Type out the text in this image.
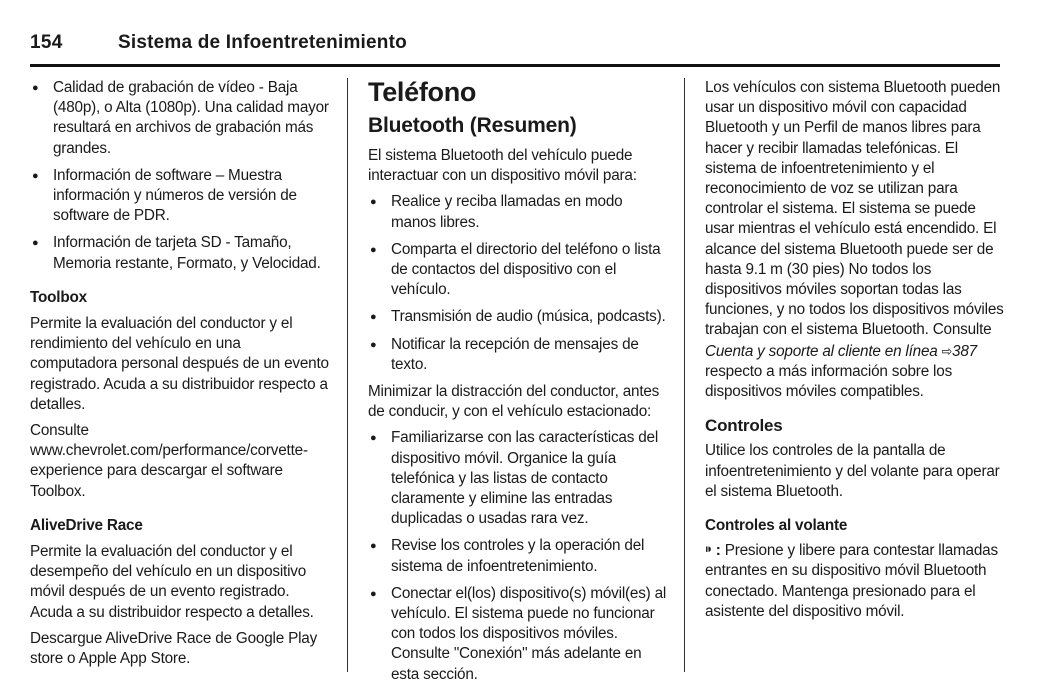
154	Sistema de Infoentretenimiento
● Calidad de grabación de vídeo - Baja (480p), o Alta (1080p). Una calidad mayor resultará en archivos de grabación más grandes.
● Información de software – Muestra información y números de versión de software de PDR.
● Información de tarjeta SD - Tamaño, Memoria restante, Formato, y Velocidad.
Toolbox

Permite la evaluación del conductor y el rendimiento del vehículo en una computadora personal después de un evento registrado. Acuda a su distribuidor respecto a detalles.

Consulte www.chevrolet.com/performance/corvette-experience para descargar el software Toolbox.

AliveDrive Race

Permite la evaluación del conductor y el desempeño del vehículo en un dispositivo móvil después de un evento registrado. Acuda a su distribuidor respecto a detalles.

Descargue AliveDrive Race de Google Play store o Apple App Store.

Teléfono
Bluetooth (Resumen)

El sistema Bluetooth del vehículo puede interactuar con un dispositivo móvil para:

● Realice y reciba llamadas en modo manos libres.
● Comparta el directorio del teléfono o lista de contactos del dispositivo con el vehículo.
● Transmisión de audio (música, podcasts).
● Notificar la recepción de mensajes de texto.

Minimizar la distracción del conductor, antes de conducir, y con el vehículo estacionado:

● Familiarizarse con las características del dispositivo móvil. Organice la guía telefónica y las listas de contacto claramente y elimine las entradas duplicadas o usadas rara vez.
● Revise los controles y la operación del sistema de infoentretenimiento.
● Conectar el(los) dispositivo(s) móvil(es) al vehículo. El sistema puede no funcionar con todos los dispositivos móviles. Consulte "Conexión" más adelante en esta sección.

Los vehículos con sistema Bluetooth pueden usar un dispositivo móvil con capacidad Bluetooth y un Perfil de manos libres para hacer y recibir llamadas telefónicas. El sistema de infoentretenimiento y el reconocimiento de voz se utilizan para controlar el sistema. El sistema se puede usar mientras el vehículo está encendido. El alcance del sistema Bluetooth puede ser de hasta 9.1 m (30 pies) No todos los dispositivos móviles soportan todas las funciones, y no todos los dispositivos móviles trabajan con el sistema Bluetooth. Consulte Cuenta y soporte al cliente en línea ⇨387 respecto a más información sobre los dispositivos móviles compatibles.

Controles

Utilice los controles de la pantalla de infoentretenimiento y del volante para operar el sistema Bluetooth.

Controles al volante

⁍ : Presione y libere para contestar llamadas entrantes en su dispositivo móvil Bluetooth conectado. Mantenga presionado para el asistente del dispositivo móvil.
